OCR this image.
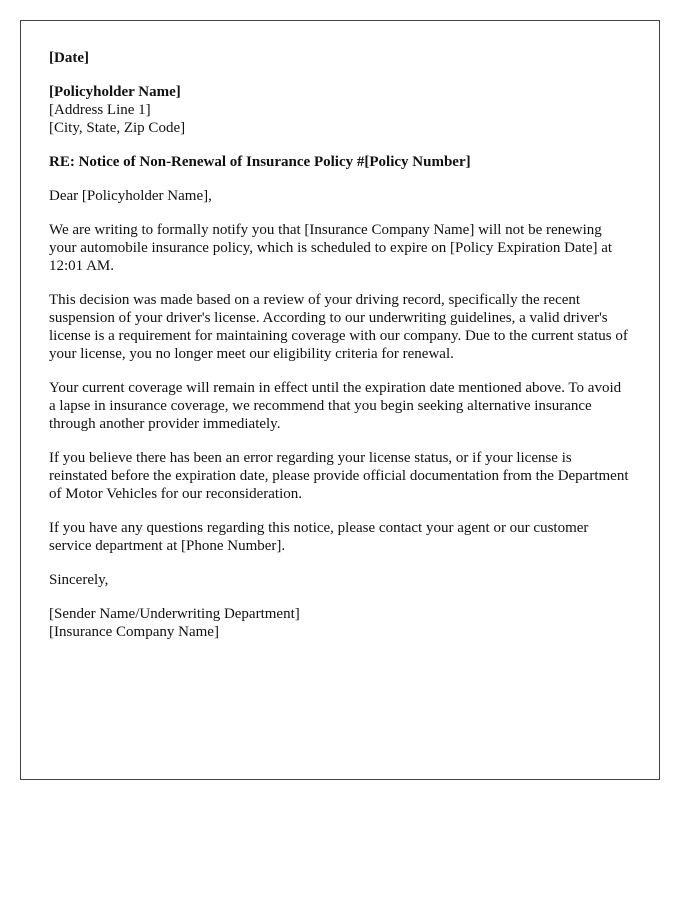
[Date]
[Policyholder Name]
[Address Line 1]
[City, State, Zip Code]
RE: Notice of Non-Renewal of Insurance Policy #[Policy Number]
Dear [Policyholder Name],

We are writing to formally notify you that [Insurance Company Name] will not be renewing your automobile insurance policy, which is scheduled to expire on [Policy Expiration Date] at 12:01 AM.

This decision was made based on a review of your driving record, specifically the recent suspension of your driver's license. According to our underwriting guidelines, a valid driver's license is a requirement for maintaining coverage with our company. Due to the current status of your license, you no longer meet our eligibility criteria for renewal.

Your current coverage will remain in effect until the expiration date mentioned above. To avoid a lapse in insurance coverage, we recommend that you begin seeking alternative insurance through another provider immediately.

If you believe there has been an error regarding your license status, or if your license is reinstated before the expiration date, please provide official documentation from the Department of Motor Vehicles for our reconsideration.

If you have any questions regarding this notice, please contact your agent or our customer service department at [Phone Number].

Sincerely,
[Sender Name/Underwriting Department]
[Insurance Company Name]
